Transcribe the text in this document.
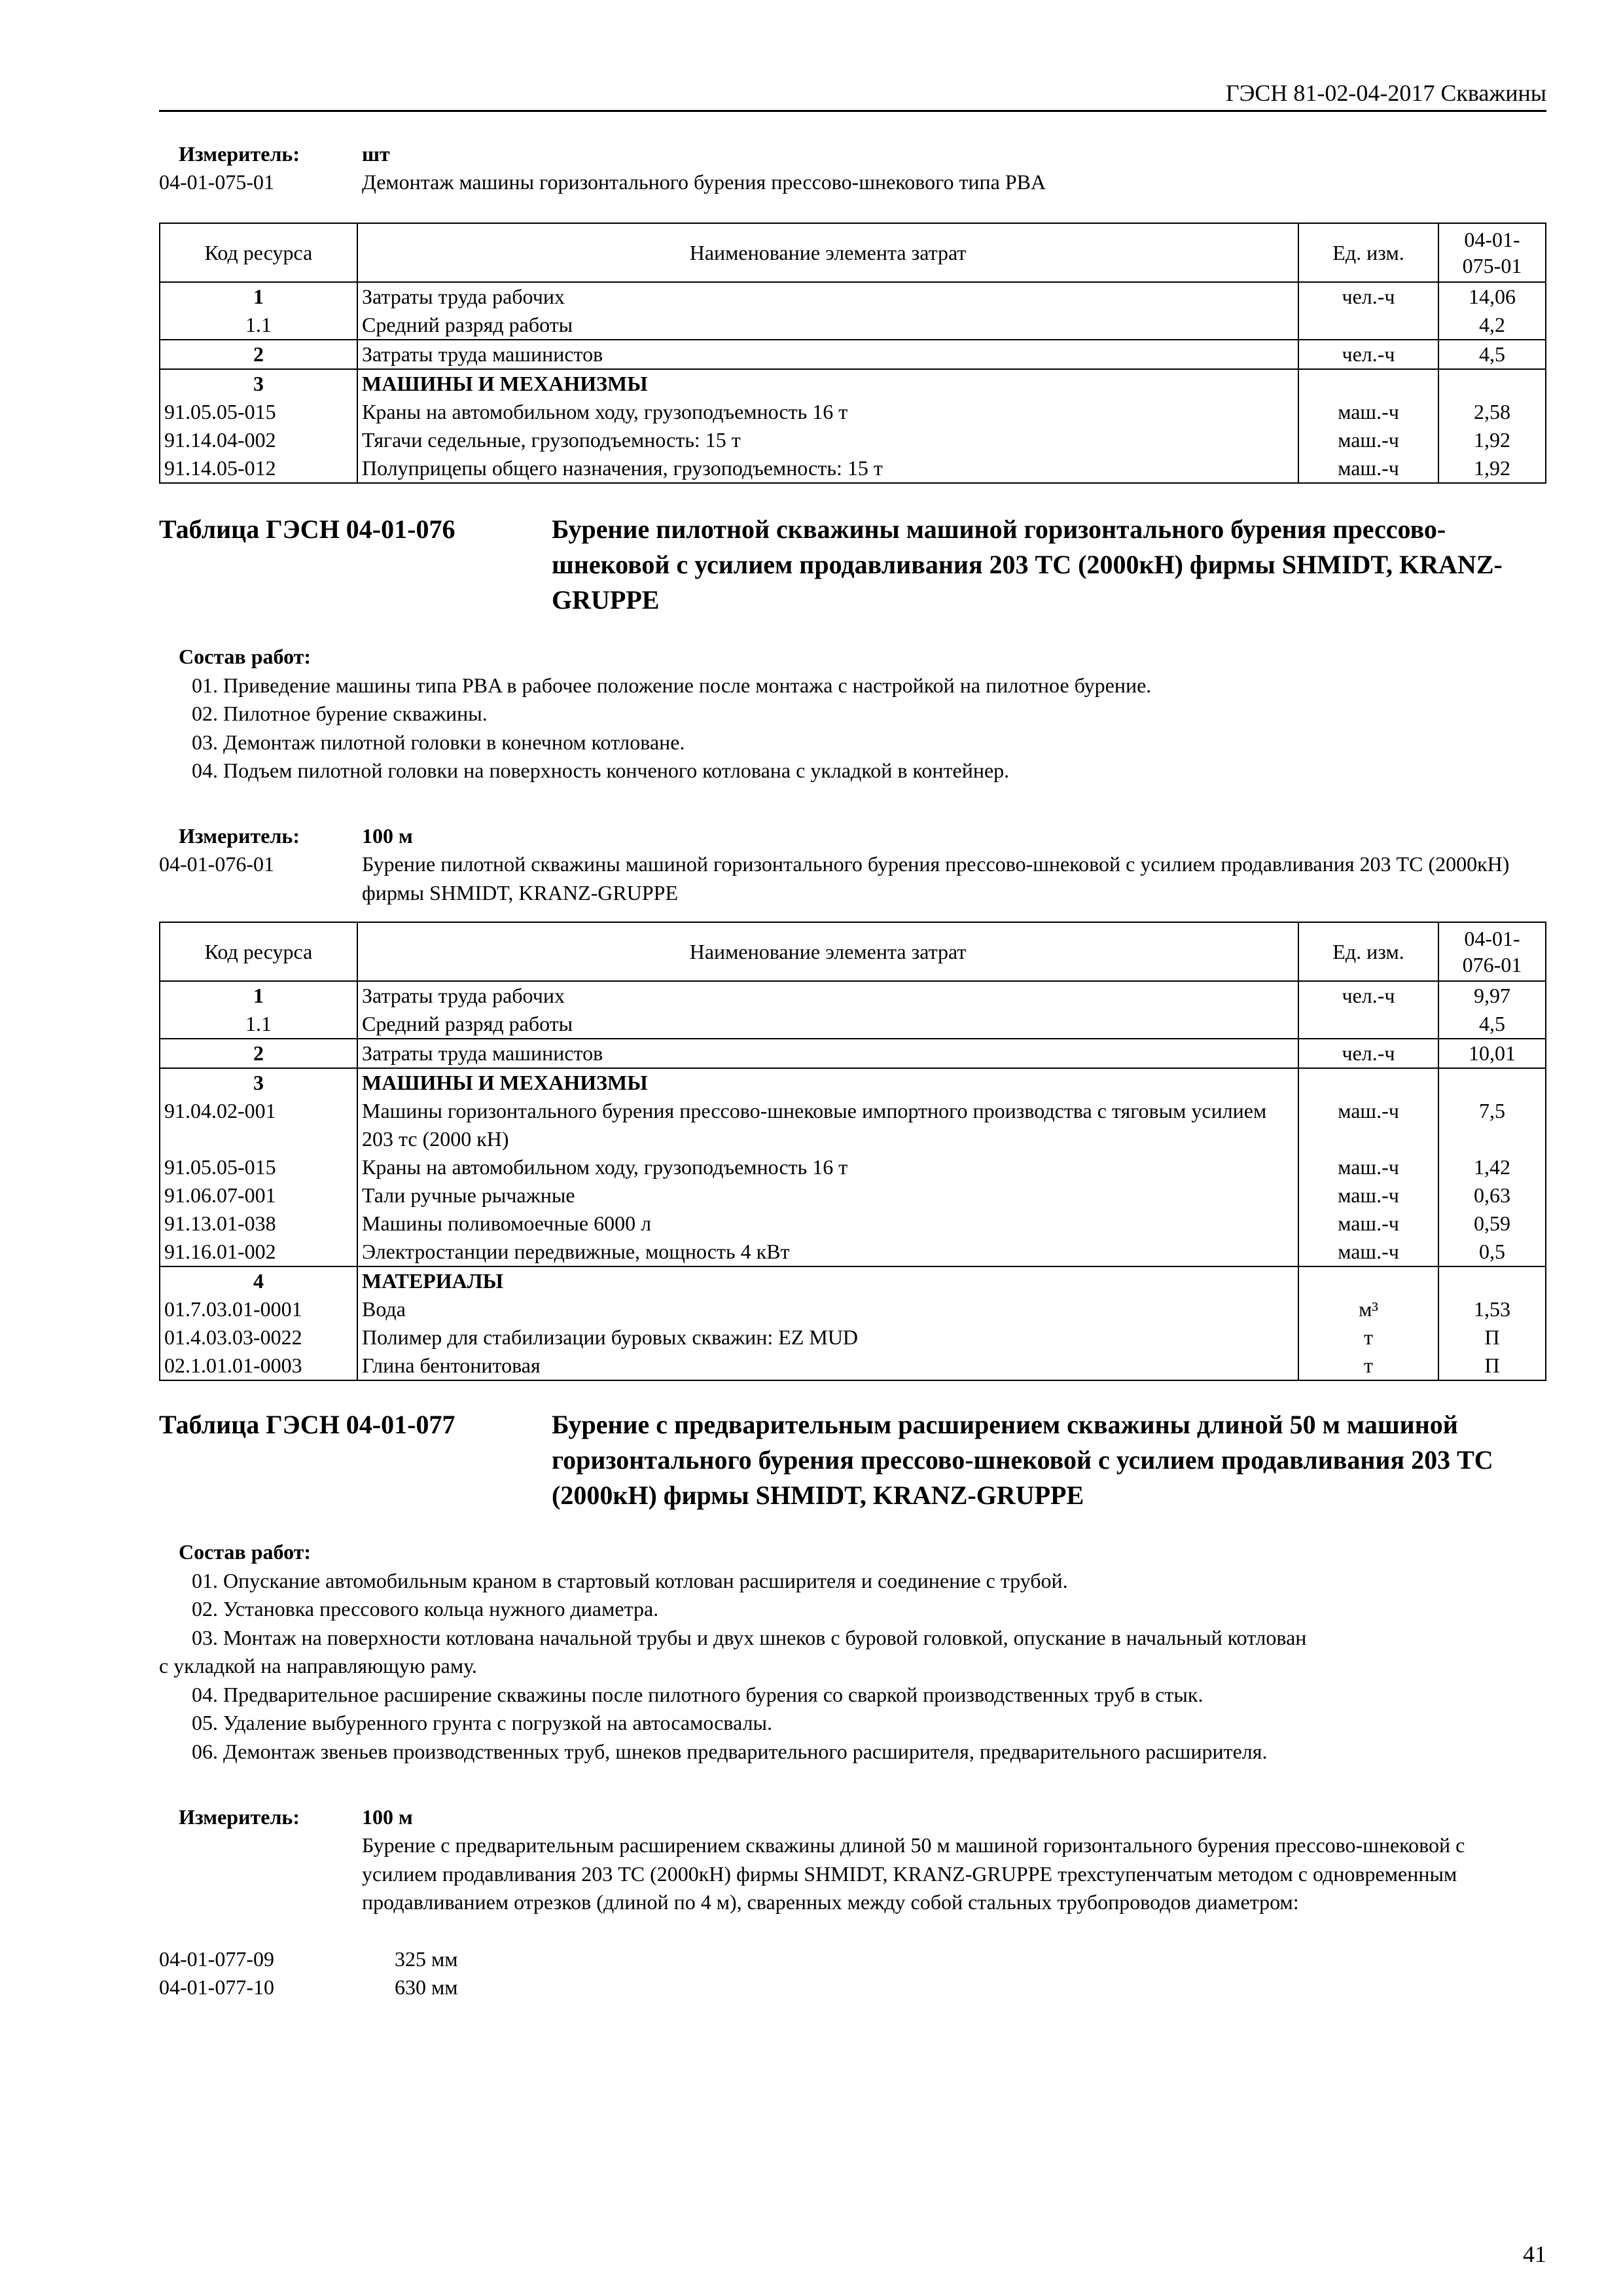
ГЭСН 81-02-04-2017 Скважины
Измеритель:	шт
04-01-075-01	Демонтаж машины горизонтального бурения прессово-шнекового типа PBA
Код ресурса	Наименование элемента затрат	Ед. изм.	04-01-
075-01
1	Затраты труда рабочих	чел.-ч	14,06
1.1	Средний разряд работы		4,2
2	Затраты труда машинистов	чел.-ч	4,5
3	МАШИНЫ И МЕХАНИЗМЫ		
91.05.05-015	Краны на автомобильном ходу, грузоподъемность 16 т	маш.-ч	2,58
91.14.04-002	Тягачи седельные, грузоподъемность: 15 т	маш.-ч	1,92
91.14.05-012	Полуприцепы общего назначения, грузоподъемность: 15 т	маш.-ч	1,92
Таблица ГЭСН 04-01-076	Бурение пилотной скважины машиной горизонтального бурения прессово-шнековой с усилием продавливания 203 ТС (2000кН) фирмы SHMIDT, KRANZ-GRUPPE
Состав работ:
01. Приведение машины типа PBA в рабочее положение после монтажа с настройкой на пилотное бурение.
02. Пилотное бурение скважины.
03. Демонтаж пилотной головки в конечном котловане.
04. Подъем пилотной головки на поверхность конченого котлована с укладкой в контейнер.
Измеритель:	100 м
04-01-076-01	Бурение пилотной скважины машиной горизонтального бурения прессово-шнековой с усилием продавливания 203 ТС (2000кН) фирмы SHMIDT, KRANZ-GRUPPE
Код ресурса	Наименование элемента затрат	Ед. изм.	04-01-
076-01
1	Затраты труда рабочих	чел.-ч	9,97
1.1	Средний разряд работы		4,5
2	Затраты труда машинистов	чел.-ч	10,01
3	МАШИНЫ И МЕХАНИЗМЫ		
91.04.02-001	Машины горизонтального бурения прессово-шнековые импортного производства с тяговым усилием 203 тс (2000 кН)	маш.-ч	7,5
91.05.05-015	Краны на автомобильном ходу, грузоподъемность 16 т	маш.-ч	1,42
91.06.07-001	Тали ручные рычажные	маш.-ч	0,63
91.13.01-038	Машины поливомоечные 6000 л	маш.-ч	0,59
91.16.01-002	Электростанции передвижные, мощность 4 кВт	маш.-ч	0,5
4	МАТЕРИАЛЫ		
01.7.03.01-0001	Вода	м³	1,53
01.4.03.03-0022	Полимер для стабилизации буровых скважин: EZ MUD	т	П
02.1.01.01-0003	Глина бентонитовая	т	П
Таблица ГЭСН 04-01-077	Бурение с предварительным расширением скважины длиной 50 м машиной горизонтального бурения прессово-шнековой с усилием продавливания 203 ТС (2000кН) фирмы SHMIDT, KRANZ-GRUPPE
Состав работ:
01. Опускание автомобильным краном в стартовый котлован расширителя и соединение с трубой.
02. Установка прессового кольца нужного диаметра.
03. Монтаж на поверхности котлована начальной трубы и двух шнеков с буровой головкой, опускание в начальный котлован
с укладкой на направляющую раму.
04. Предварительное расширение скважины после пилотного бурения со сваркой производственных труб в стык.
05. Удаление выбуренного грунта с погрузкой на автосамосвалы.
06. Демонтаж звеньев производственных труб, шнеков предварительного расширителя, предварительного расширителя.
Измеритель:	100 м
Бурение с предварительным расширением скважины длиной 50 м машиной горизонтального бурения прессово-шнековой с усилием продавливания 203 ТС (2000кН) фирмы SHMIDT, KRANZ-GRUPPE трехступенчатым методом с одновременным продавливанием отрезков (длиной по 4 м), сваренных между собой стальных трубопроводов диаметром:
04-01-077-09	325 мм
04-01-077-10	630 мм
41
